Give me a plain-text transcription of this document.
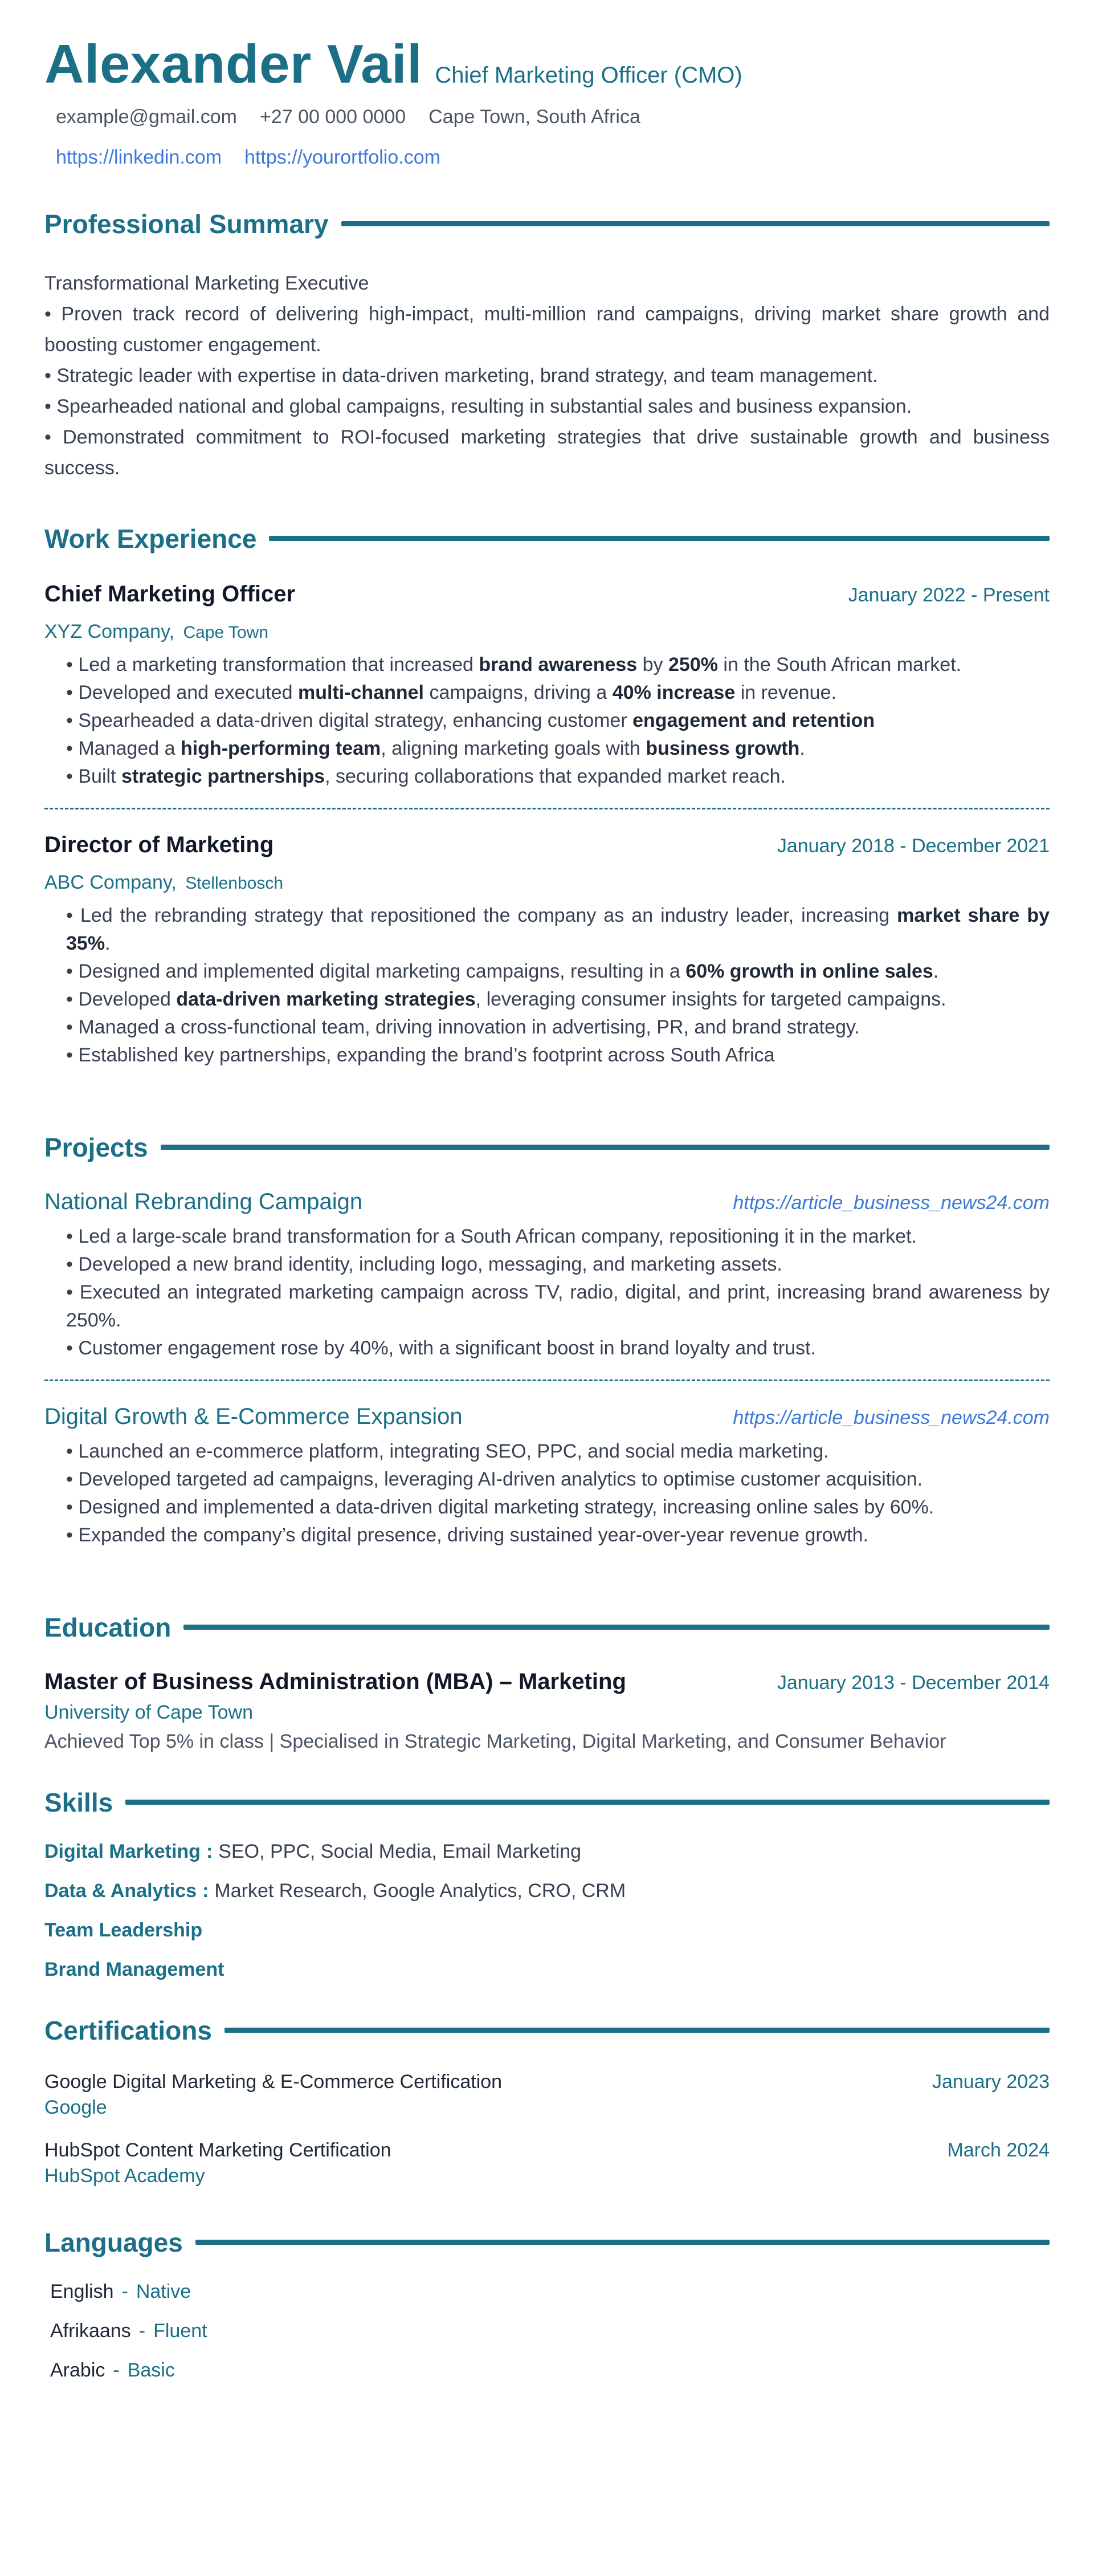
Alexander Vail Chief Marketing Officer (CMO)
example@gmail.com +27 00 000 0000 Cape Town, South Africa
https://linkedin.com https://yourortfolio.com
Professional Summary
Transformational Marketing Executive
• Proven track record of delivering high-impact, multi-million rand campaigns, driving market share growth and boosting customer engagement.
• Strategic leader with expertise in data-driven marketing, brand strategy, and team management.
• Spearheaded national and global campaigns, resulting in substantial sales and business expansion.
• Demonstrated commitment to ROI-focused marketing strategies that drive sustainable growth and business success.
Work Experience
Chief Marketing Officer	January 2022 - Present
XYZ Company, Cape Town
• Led a marketing transformation that increased brand awareness by 250% in the South African market.
• Developed and executed multi-channel campaigns, driving a 40% increase in revenue.
• Spearheaded a data-driven digital strategy, enhancing customer engagement and retention
• Managed a high-performing team, aligning marketing goals with business growth.
• Built strategic partnerships, securing collaborations that expanded market reach.
Director of Marketing	January 2018 - December 2021
ABC Company, Stellenbosch
• Led the rebranding strategy that repositioned the company as an industry leader, increasing market share by 35%.
• Designed and implemented digital marketing campaigns, resulting in a 60% growth in online sales.
• Developed data-driven marketing strategies, leveraging consumer insights for targeted campaigns.
• Managed a cross-functional team, driving innovation in advertising, PR, and brand strategy.
• Established key partnerships, expanding the brand’s footprint across South Africa
Projects
National Rebranding Campaign	https://article_business_news24.com
• Led a large-scale brand transformation for a South African company, repositioning it in the market.
• Developed a new brand identity, including logo, messaging, and marketing assets.
• Executed an integrated marketing campaign across TV, radio, digital, and print, increasing brand awareness by 250%.
• Customer engagement rose by 40%, with a significant boost in brand loyalty and trust.
Digital Growth & E-Commerce Expansion	https://article_business_news24.com
• Launched an e-commerce platform, integrating SEO, PPC, and social media marketing.
• Developed targeted ad campaigns, leveraging AI-driven analytics to optimise customer acquisition.
• Designed and implemented a data-driven digital marketing strategy, increasing online sales by 60%.
• Expanded the company’s digital presence, driving sustained year-over-year revenue growth.
Education
Master of Business Administration (MBA) – Marketing	January 2013 - December 2014
University of Cape Town
Achieved Top 5% in class | Specialised in Strategic Marketing, Digital Marketing, and Consumer Behavior
Skills
Digital Marketing : SEO, PPC, Social Media, Email Marketing
Data & Analytics : Market Research, Google Analytics, CRO, CRM
Team Leadership
Brand Management
Certifications
Google Digital Marketing & E-Commerce Certification	January 2023
Google
HubSpot Content Marketing Certification	March 2024
HubSpot Academy
Languages
English - Native
Afrikaans - Fluent
Arabic - Basic
